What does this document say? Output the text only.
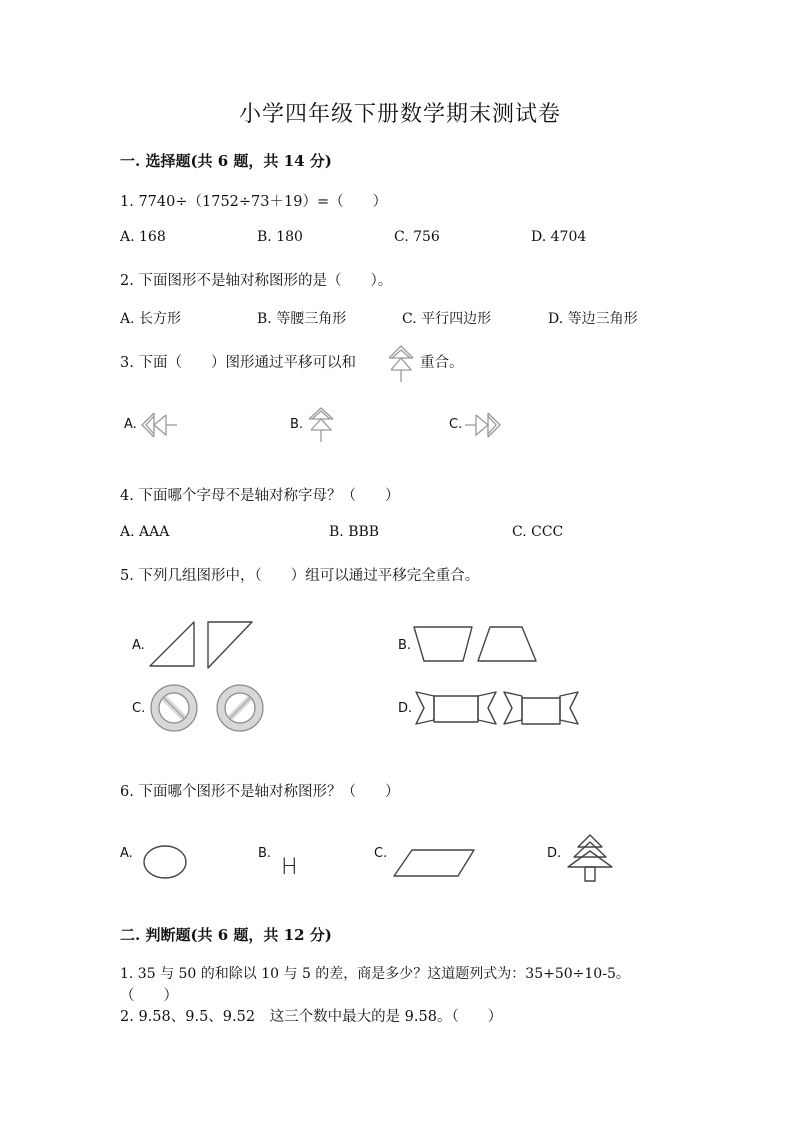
小学四年级下册数学期末测试卷
一. 选择题(共 6 题，共 14 分)
1. 7740÷（1752÷73＋19）=（　　）
A. 168	B. 180	C. 756	D. 4704
2. 下面图形不是轴对称图形的是（　　）。
A. 长方形	B. 等腰三角形	C. 平行四边形	D. 等边三角形
3. 下面（　　）图形通过平移可以和	重合。
A.	B.	C.
4. 下面哪个字母不是轴对称字母？（　　）
A. AAA	B. BBB	C. CCC
5. 下列几组图形中，（　　）组可以通过平移完全重合。
A.	B.
C.	D.
6. 下面哪个图形不是轴对称图形？（　　）
A.	B.
H
C.	D.
二. 判断题(共 6 题，共 12 分)
1. 35 与 50 的和除以 10 与 5 的差，商是多少？这道题列式为：35+50÷10-5。
（　　）
2. 9.58、9.5、9.52　这三个数中最大的是 9.58。（　　）
